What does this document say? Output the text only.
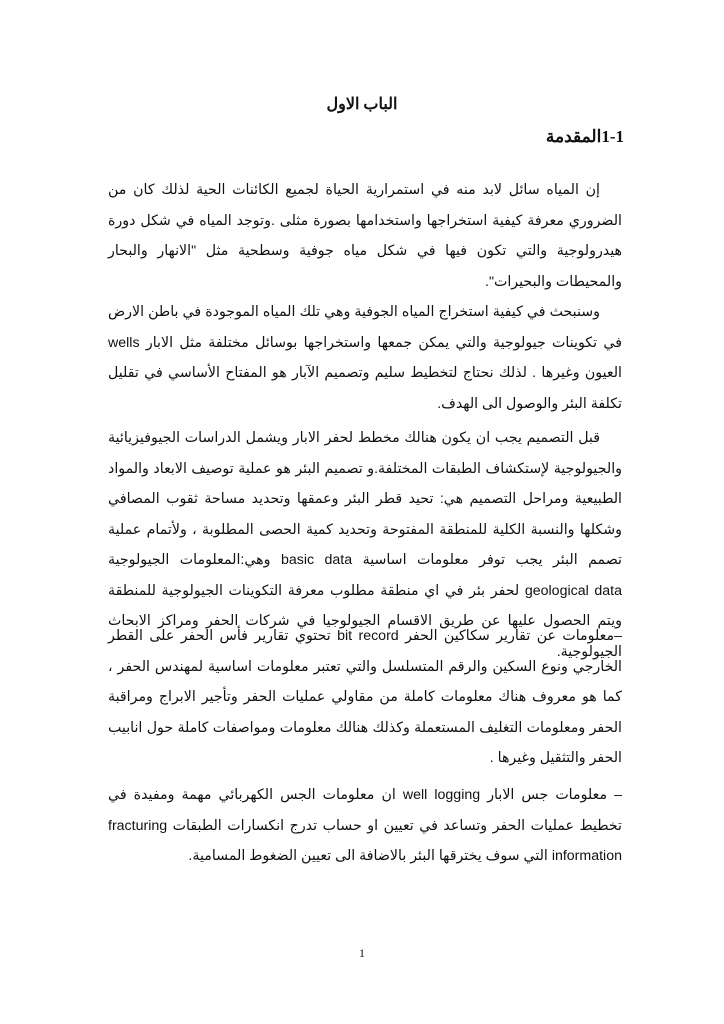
الباب الاول
1-1المقدمة

إن المياه سائل لابد منه في استمرارية الحياة لجميع الكائنات الحية لذلك كان من الضروري معرفة كيفية استخراجها واستخدامها بصورة مثلى .وتوجد المياه في شكل دورة هيدرولوجية والتي تكون فيها في شكل مياه جوفية وسطحية مثل "الانهار والبحار والمحيطات والبحيرات".

وسنبحث في كيفية استخراج المياه الجوفية وهي تلك المياه الموجودة في باطن الارض في تكوينات جيولوجية والتي يمكن جمعها واستخراجها بوسائل مختلفة مثل الابار wells العيون وغيرها . لذلك نحتاج لتخطيط سليم وتصميم الآبار هو المفتاح الأساسي في تقليل تكلفة البئر والوصول الى الهدف.

قبل التصميم يجب ان يكون هنالك مخطط لحفر الابار ويشمل الدراسات الجيوفيزيائية والجيولوجية لإستكشاف الطبقات المختلفة.و تصميم البئر هو عملية توصيف الابعاد والمواد الطبيعية ومراحل التصميم هي: تحيد قطر البئر وعمقها وتحديد مساحة ثقوب المصافي وشكلها والنسبة الكلية للمنطقة المفتوحة وتحديد كمية الحصى المطلوبة ، ولأتمام عملية تصمم البئر يجب توفر معلومات اساسية basic data وهي:المعلومات الجيولوجية geological data لحفر بئر في اي منطقة مطلوب معرفة التكوينات الجيولوجية للمنطقة ويتم الحصول عليها عن طريق الاقسام الجيولوجيا في شركات الحفر ومراكز الابحاث الجيولوجية.

–معلومات عن تقارير سكاكين الحفر bit record تحتوي تقارير فأس الحفر على القطر الخارجي ونوع السكين والرقم المتسلسل والتي تعتبر معلومات اساسية لمهندس الحفر ، كما هو معروف هناك معلومات كاملة من مقاولي عمليات الحفر وتأجير الابراج ومراقبة الحفر ومعلومات التغليف المستعملة وكذلك هنالك معلومات ومواصفات كاملة حول انابيب الحفر والتثقيل وغيرها .

– معلومات جس الابار well logging ان معلومات الجس الكهربائي مهمة ومفيدة في تخطيط عمليات الحفر وتساعد في تعيين او حساب تدرج انكسارات الطبقات fracturing information التي سوف يخترقها البئر بالاضافة الى تعيين الضغوط المسامية.

1
